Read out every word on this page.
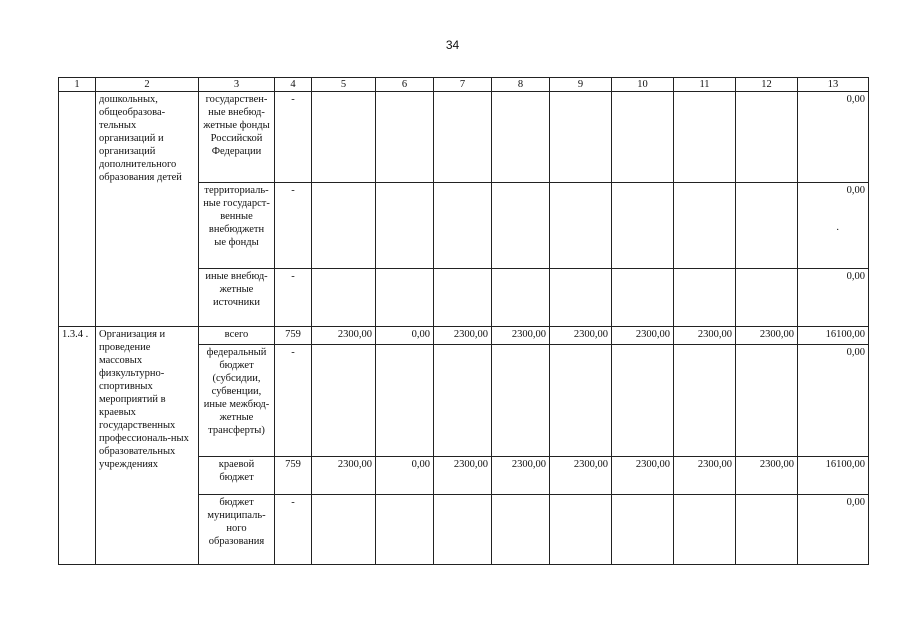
34
1	2	3	4	5	6	7	8	9	10	11	12	13
	дошкольных, общеобразова-тельных организаций и организаций дополнительного образования детей	государствен-ные внебюд-жетные фонды Российской Федерации	-									0,00
		территориаль-ные государст-венные внебюджетн ые фонды	-									0,00
.

		иные внебюд-жетные источники	-									0,00
1.3.4 .	Организация и проведение массовых физкультурно-спортивных мероприятий в краевых государственных профессиональ-ных образовательных учреждениях	всего	759	2300,00	0,00	2300,00	2300,00	2300,00	2300,00	2300,00	2300,00	16100,00
		федеральный бюджет (субсидии, субвенции, иные межбюд-жетные трансферты)	-									0,00
		краевой бюджет	759	2300,00	0,00	2300,00	2300,00	2300,00	2300,00	2300,00	2300,00	16100,00
		бюджет муниципаль-ного образования	-									0,00
